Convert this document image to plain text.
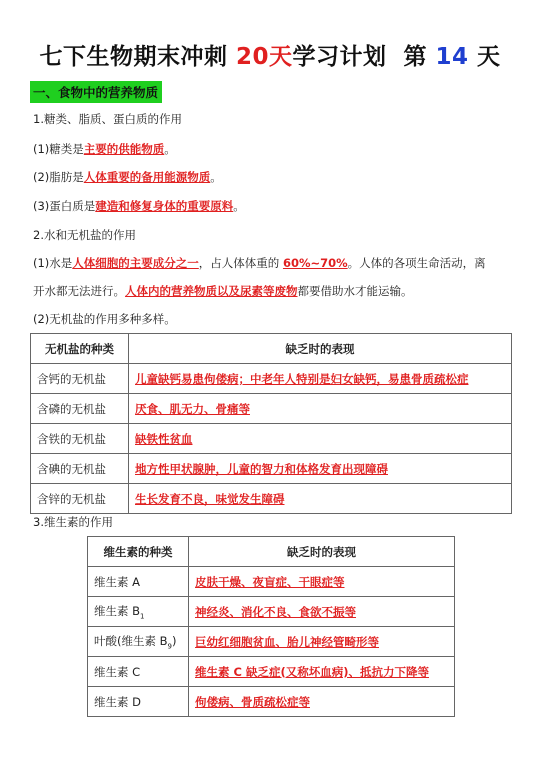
七下生物期末冲刺 20天学习计划  第 14 天
一、食物中的营养物质
1.糖类、脂质、蛋白质的作用
(1)糖类是主要的供能物质。
(2)脂肪是人体重要的备用能源物质。
(3)蛋白质是建造和修复身体的重要原料。
2.水和无机盐的作用
(1)水是人体细胞的主要成分之一，占人体体重的 60%~70%。人体的各项生命活动，离
开水都无法进行。人体内的营养物质以及尿素等废物都要借助水才能运输。
(2)无机盐的作用多种多样。
无机盐的种类	缺乏时的表现
含钙的无机盐	儿童缺钙易患佝偻病；中老年人特别是妇女缺钙，易患骨质疏松症
含磷的无机盐	厌食、肌无力、骨痛等
含铁的无机盐	缺铁性贫血
含碘的无机盐	地方性甲状腺肿，儿童的智力和体格发育出现障碍
含锌的无机盐	生长发育不良，味觉发生障碍
3.维生素的作用
维生素的种类	缺乏时的表现
维生素 A	皮肤干燥、夜盲症、干眼症等
维生素 $B_1$	神经炎、消化不良、食欲不振等
叶酸(维生素 $B_9$)	巨幼红细胞贫血、胎儿神经管畸形等
维生素 C	维生素 C 缺乏症(又称坏血病)、抵抗力下降等
维生素 D	佝偻病、骨质疏松症等
